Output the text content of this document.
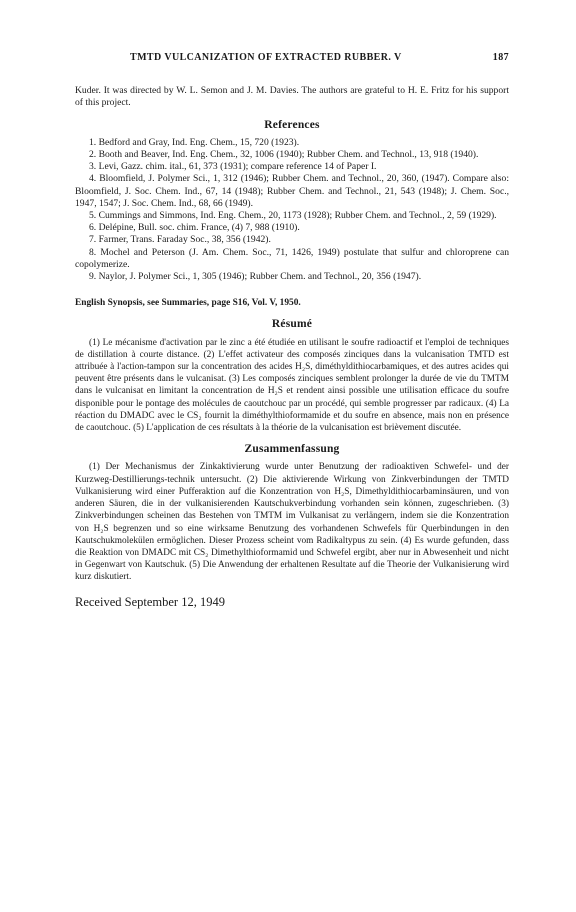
TMTD VULCANIZATION OF EXTRACTED RUBBER. V	187

Kuder. It was directed by W. L. Semon and J. M. Davies. The authors are grateful to H. E. Fritz for his support of this project.

References
1. Bedford and Gray, Ind. Eng. Chem., 15, 720 (1923).
2. Booth and Beaver, Ind. Eng. Chem., 32, 1006 (1940); Rubber Chem. and Technol., 13, 918 (1940).
3. Levi, Gazz. chim. ital., 61, 373 (1931); compare reference 14 of Paper I.
4. Bloomfield, J. Polymer Sci., 1, 312 (1946); Rubber Chem. and Technol., 20, 360, (1947). Compare also: Bloomfield, J. Soc. Chem. Ind., 67, 14 (1948); Rubber Chem. and Technol., 21, 543 (1948); J. Chem. Soc., 1947, 1547; J. Soc. Chem. Ind., 68, 66 (1949).
5. Cummings and Simmons, Ind. Eng. Chem., 20, 1173 (1928); Rubber Chem. and Technol., 2, 59 (1929).
6. Delépine, Bull. soc. chim. France, (4) 7, 988 (1910).
7. Farmer, Trans. Faraday Soc., 38, 356 (1942).
8. Mochel and Peterson (J. Am. Chem. Soc., 71, 1426, 1949) postulate that sulfur and chloroprene can copolymerize.
9. Naylor, J. Polymer Sci., 1, 305 (1946); Rubber Chem. and Technol., 20, 356 (1947).
English Synopsis, see Summaries, page S16, Vol. V, 1950.
Résumé

(1) Le mécanisme d'activation par le zinc a été étudiée en utilisant le soufre radioactif et l'emploi de techniques de distillation à courte distance. (2) L'effet activateur des composés zinciques dans la vulcanisation TMTD est attribuée à l'action-tampon sur la concentration des acides H₂S, diméthyldithiocarbamiques, et des autres acides qui peuvent être présents dans le vulcanisat. (3) Les composés zinciques semblent prolonger la durée de vie du TMTM dans le vulcanisat en limitant la concentration de H₂S et rendent ainsi possible une utilisation efficace du soufre disponible pour le pontage des molécules de caoutchouc par un procédé, qui semble progresser par radicaux. (4) La réaction du DMADC avec le CS₂ fournit la diméthylthioformamide et du soufre en absence, mais non en présence de caoutchouc. (5) L'application de ces résultats à la théorie de la vulcanisation est brièvement discutée.

Zusammenfassung

(1) Der Mechanismus der Zinkaktivierung wurde unter Benutzung der radioaktiven Schwefel- und der Kurzweg-Destillierungs-technik untersucht. (2) Die aktivierende Wirkung von Zinkverbindungen der TMTD Vulkanisierung wird einer Pufferaktion auf die Konzentration von H₂S, Dimethyldithiocarbaminsäuren, und von anderen Säuren, die in der vulkanisierenden Kautschukverbindung vorhanden sein können, zugeschrieben. (3) Zinkverbindungen scheinen das Bestehen von TMTM im Vulkanisat zu verlängern, indem sie die Konzentration von H₂S begrenzen und so eine wirksame Benutzung des vorhandenen Schwefels für Querbindungen in den Kautschukmolekülen ermöglichen. Dieser Prozess scheint vom Radikaltypus zu sein. (4) Es wurde gefunden, dass die Reaktion von DMADC mit CS₂ Dimethylthioformamid und Schwefel ergibt, aber nur in Abwesenheit und nicht in Gegenwart von Kautschuk. (5) Die Anwendung der erhaltenen Resultate auf die Theorie der Vulkanisierung wird kurz diskutiert.

Received September 12, 1949
